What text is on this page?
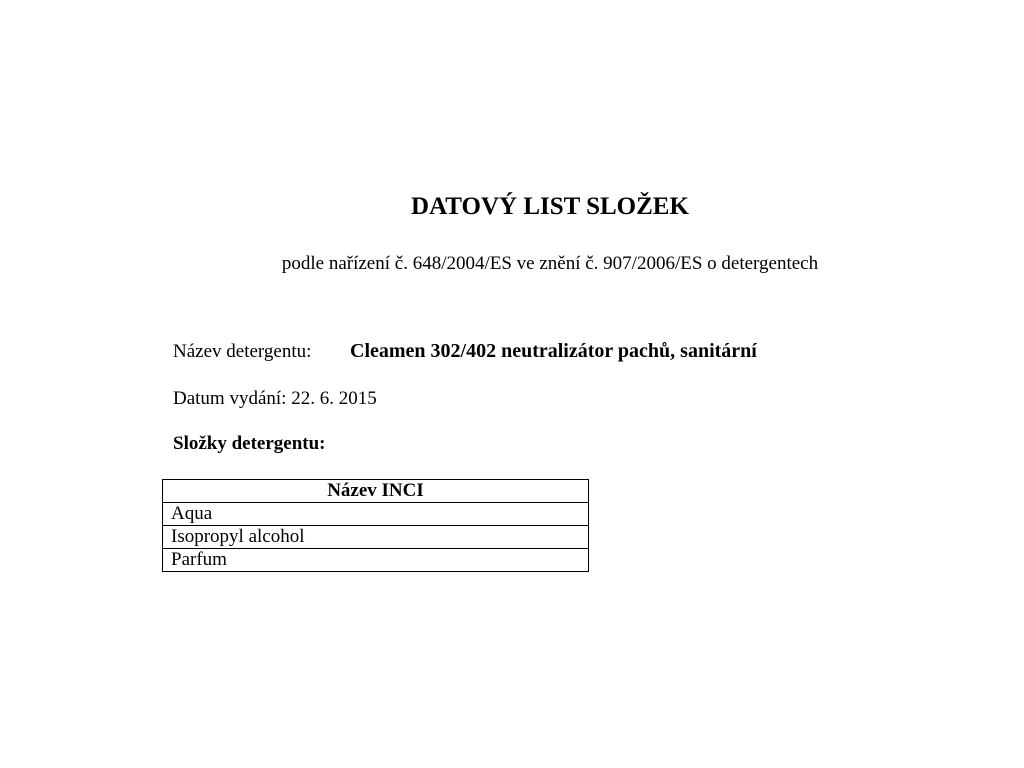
DATOVÝ LIST SLOŽEK
podle nařízení č. 648/2004/ES ve znění č. 907/2006/ES o detergentech
Název detergentu: Cleamen 302/402 neutralizátor pachů, sanitární
Datum vydání: 22. 6. 2015
Složky detergentu:
Název INCI
Aqua
Isopropyl alcohol
Parfum
